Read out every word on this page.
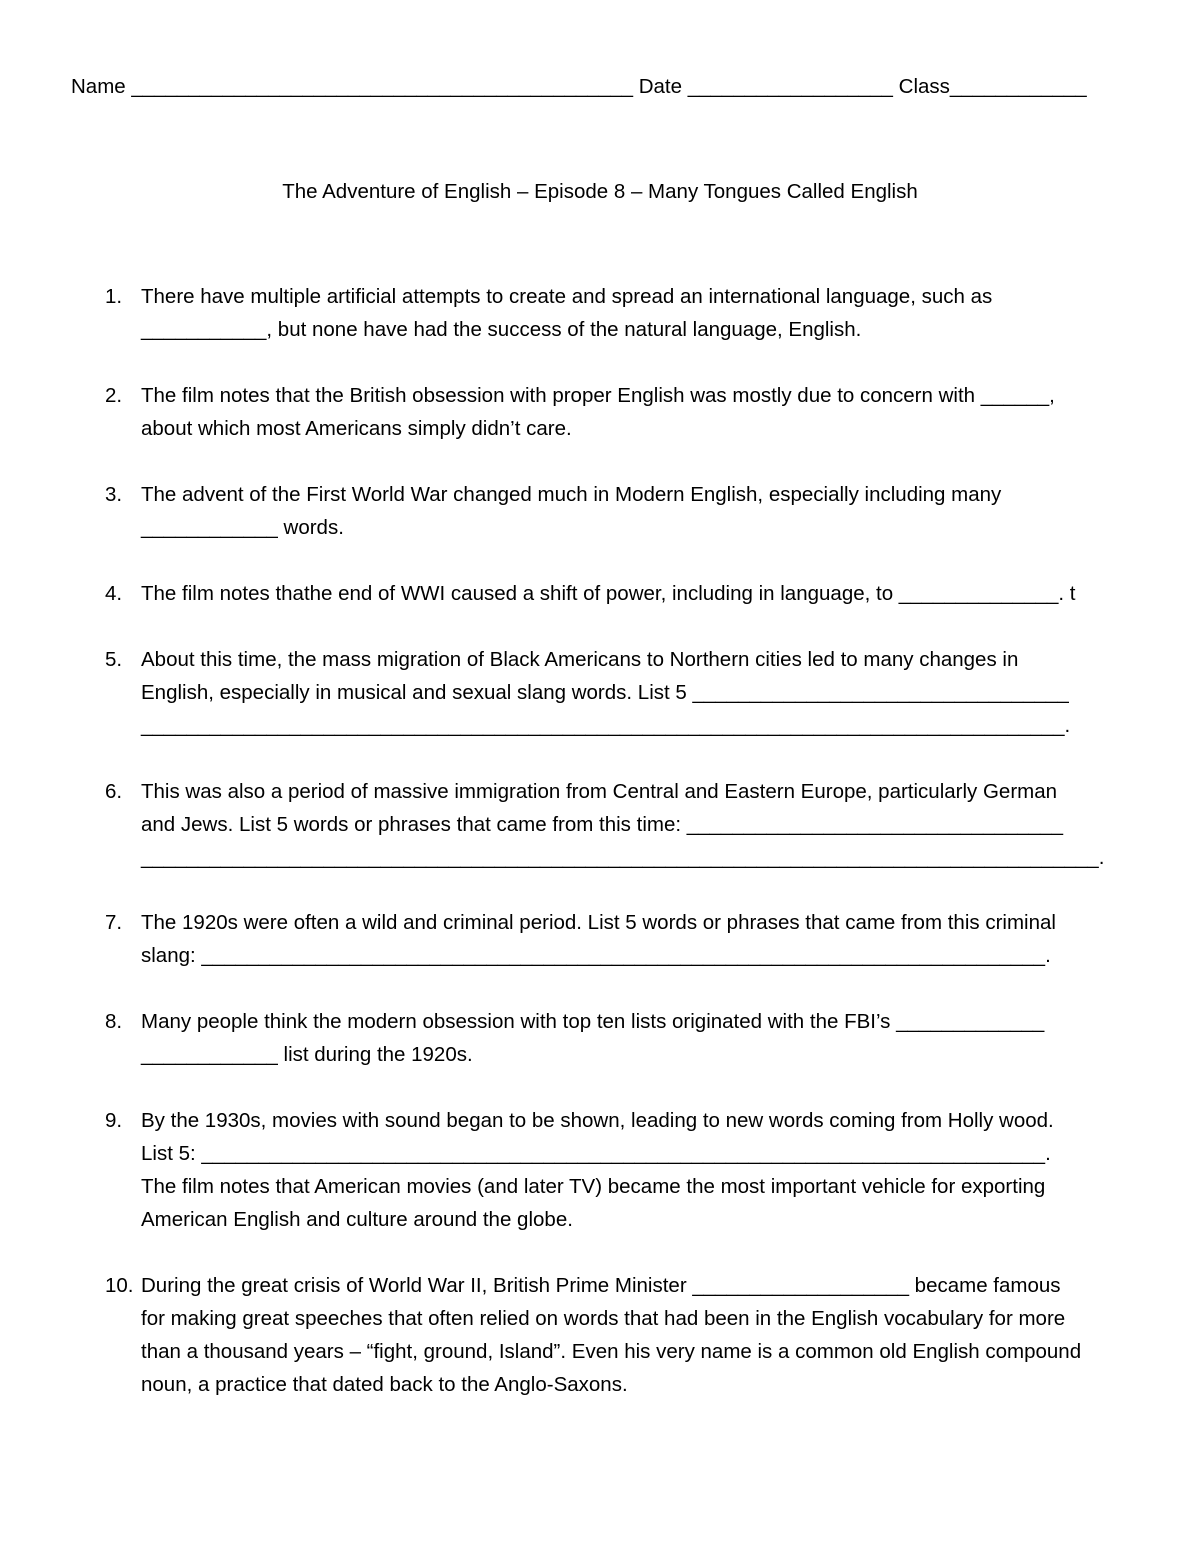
Name ____________________________________________ Date __________________ Class____________
The Adventure of English – Episode 8 – Many Tongues Called English
1. There have multiple artificial attempts to create and spread an international language, such as
___________, but none have had the success of the natural language, English.
2. The film notes that the British obsession with proper English was mostly due to concern with ______,
about which most Americans simply didn’t care.
3. The advent of the First World War changed much in Modern English, especially including many
____________ words.
4. The film notes thathe end of WWI caused a shift of power, including in language, to ______________. t
5. About this time, the mass migration of Black Americans to Northern cities led to many changes in
English, especially in musical and sexual slang words. List 5 _________________________________
_________________________________________________________________________________.
6. This was also a period of massive immigration from Central and Eastern Europe, particularly German
and Jews. List 5 words or phrases that came from this time: _________________________________
____________________________________________________________________________________.
7. The 1920s were often a wild and criminal period. List 5 words or phrases that came from this criminal
slang: __________________________________________________________________________.
8. Many people think the modern obsession with top ten lists originated with the FBI’s _____________
____________ list during the 1920s.
9. By the 1930s, movies with sound began to be shown, leading to new words coming from Holly wood.
List 5: __________________________________________________________________________.
The film notes that American movies (and later TV) became the most important vehicle for exporting
American English and culture around the globe.
10. During the great crisis of World War II, British Prime Minister ___________________ became famous
for making great speeches that often relied on words that had been in the English vocabulary for more
than a thousand years – “fight, ground, Island”. Even his very name is a common old English compound
noun, a practice that dated back to the Anglo-Saxons.
